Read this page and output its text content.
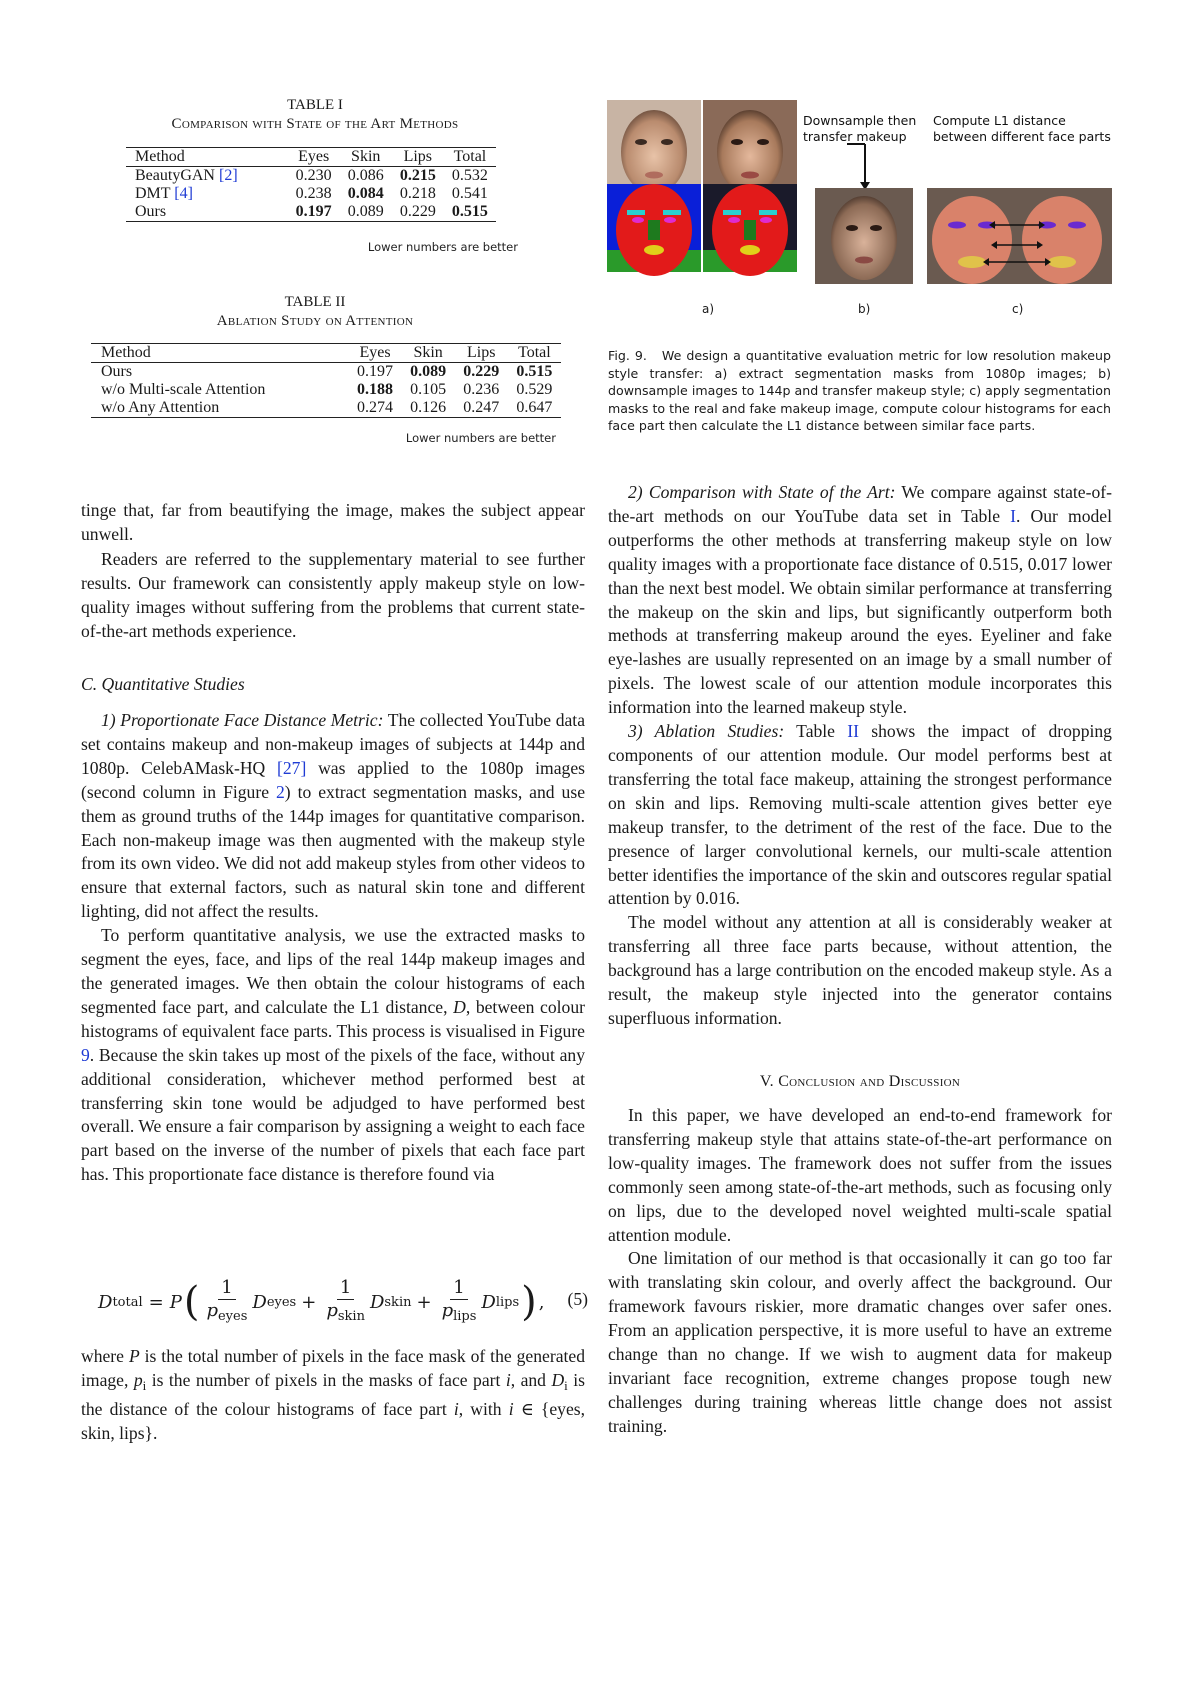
TABLE I
Comparison with State of the Art Methods
Method	Eyes	Skin	Lips	Total
BeautyGAN [2]	0.230	0.086	0.215	0.532
DMT [4]	0.238	0.084	0.218	0.541
Ours	0.197	0.089	0.229	0.515
Lower numbers are better
TABLE II
Ablation Study on Attention
Method	Eyes	Skin	Lips	Total
Ours	0.197	0.089	0.229	0.515
w/o Multi-scale Attention	0.188	0.105	0.236	0.529
w/o Any Attention	0.274	0.126	0.247	0.647
Lower numbers are better
Downsample then transfer makeup
Compute L1 distance between different face parts
a)	b)	c)
Fig. 9. We design a quantitative evaluation metric for low resolution makeup style transfer: a) extract segmentation masks from 1080p images; b) downsample images to 144p and transfer makeup style; c) apply segmentation masks to the real and fake makeup image, compute colour histograms for each face part then calculate the L1 distance between similar face parts.

tinge that, far from beautifying the image, makes the subject appear unwell.

Readers are referred to the supplementary material to see further results. Our framework can consistently apply makeup style on low-quality images without suffering from the problems that current state-of-the-art methods experience.

C. Quantitative Studies

1) Proportionate Face Distance Metric: The collected YouTube data set contains makeup and non-makeup images of subjects at 144p and 1080p. CelebAMask-HQ [27] was applied to the 1080p images (second column in Figure 2) to extract segmentation masks, and use them as ground truths of the 144p images for quantitative comparison. Each non-makeup image was then augmented with the makeup style from its own video. We did not add makeup styles from other videos to ensure that external factors, such as natural skin tone and different lighting, did not affect the results.

To perform quantitative analysis, we use the extracted masks to segment the eyes, face, and lips of the real 144p makeup images and the generated images. We then obtain the colour histograms of each segmented face part, and calculate the L1 distance, D, between colour histograms of equivalent face parts. This process is visualised in Figure 9. Because the skin takes up most of the pixels of the face, without any additional consideration, whichever method performed best at transferring skin tone would be adjudged to have performed best overall. We ensure a fair comparison by assigning a weight to each face part based on the inverse of the number of pixels that each face part has. This proportionate face distance is therefore found via

D total = P ( $\frac{1}{p_{eyes}}$ D eyes + $\frac{1}{p_{skin}}$ D skin + $\frac{1}{p_{lips}}$ D lips ) , (5)

where P is the total number of pixels in the face mask of the generated image, $p_i$ is the number of pixels in the masks of face part i, and $D_i$ is the distance of the colour histograms of face part i, with i ∈ {eyes, skin, lips}.

2) Comparison with State of the Art: We compare against state-of-the-art methods on our YouTube data set in Table I. Our model outperforms the other methods at transferring makeup style on low quality images with a proportionate face distance of 0.515, 0.017 lower than the next best model. We obtain similar performance at transferring the makeup on the skin and lips, but significantly outperform both methods at transferring makeup around the eyes. Eyeliner and fake eye-lashes are usually represented on an image by a small number of pixels. The lowest scale of our attention module incorporates this information into the learned makeup style.

3) Ablation Studies: Table II shows the impact of dropping components of our attention module. Our model performs best at transferring the total face makeup, attaining the strongest performance on skin and lips. Removing multi-scale attention gives better eye makeup transfer, to the detriment of the rest of the face. Due to the presence of larger convolutional kernels, our multi-scale attention better identifies the importance of the skin and outscores regular spatial attention by 0.016.

The model without any attention at all is considerably weaker at transferring all three face parts because, without attention, the background has a large contribution on the encoded makeup style. As a result, the makeup style injected into the generator contains superfluous information.

V. Conclusion and Discussion

In this paper, we have developed an end-to-end framework for transferring makeup style that attains state-of-the-art performance on low-quality images. The framework does not suffer from the issues commonly seen among state-of-the-art methods, such as focusing only on lips, due to the developed novel weighted multi-scale spatial attention module.

One limitation of our method is that occasionally it can go too far with translating skin colour, and overly affect the background. Our framework favours riskier, more dramatic changes over safer ones. From an application perspective, it is more useful to have an extreme change than no change. If we wish to augment data for makeup invariant face recognition, extreme changes propose tough new challenges during training whereas little change does not assist training.
